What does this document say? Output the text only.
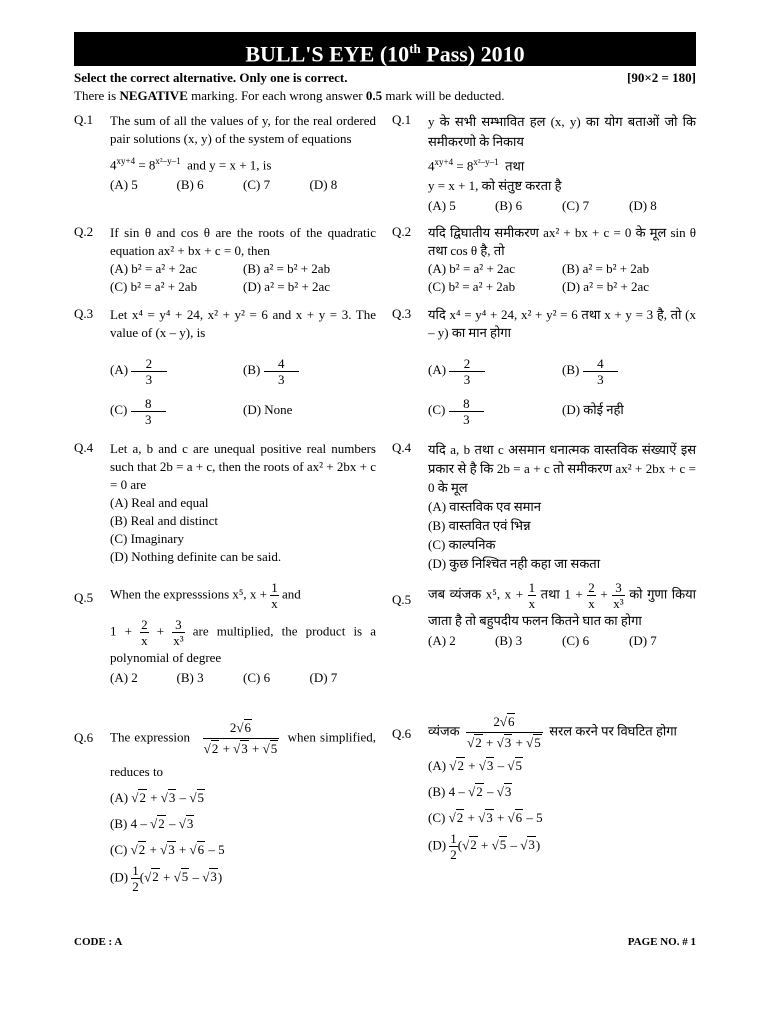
BULL'S EYE (10th Pass) 2010
Select the correct alternative. Only one is correct.	[90×2 = 180]
There is NEGATIVE marking. For each wrong answer 0.5 mark will be deducted.
Q.1	The sum of all the values of y, for the real ordered pair solutions (x, y) of the system of equations

$4^{xy+4} = 8^{x^2-y-1}$ and y = x + 1, is

(A) 5	(B) 6	(C) 7	(D) 8
Q.2	If sin θ and cos θ are the roots of the quadratic equation ax² + bx + c = 0, then

(A) b² = a² + 2ac	(B) a² = b² + 2ab
(C) b² = a² + 2ab	(D) a² = b² + 2ac
Q.3	Let x⁴ = y⁴ + 24, x² + y² = 6 and x + y = 3. The value of (x – y), is

$(A) \frac{2}{3}$	$(B) \frac{4}{3}$
$(C) \frac{8}{3}$	(D) None
Q.4	Let a, b and c are unequal positive real numbers such that 2b = a + c, then the roots of ax² + 2bx + c = 0 are

(A) Real and equal
(B) Real and distinct
(C) Imaginary
(D) Nothing definite can be said.
Q.5	When the expresssions x⁵, $x + \frac{1}{x}$ and

$1 + \frac{2}{x} + \frac{3}{\text{x³}}$ are multiplied, the product is a polynomial of degree

(A) 2	(B) 3	(C) 6	(D) 7
Q.6	The expression $\frac{2√6}{√2 + √3 + √5}$ when simplified, reduces to

(A) √2 + √3 – √5

(B) 4 – √2 – √3

(C) √2 + √3 + √6 – 5

$(D) \frac{1}{2} (√2 + √5 - √3)$

Q.1	y के सभी सम्भावित हल (x, y) का योग बताओं जो कि समीकरणो के निकाय

$4^{xy+4} = 8^{x^2-y-1}$ तथा

y = x + 1, को संतुष्ट करता है

(A) 5	(B) 6	(C) 7	(D) 8
Q.2	यदि द्विघातीय समीकरण ax² + bx + c = 0 के मूल sin θ तथा cos θ है, तो

(A) b² = a² + 2ac	(B) a² = b² + 2ab
(C) b² = a² + 2ab	(D) a² = b² + 2ac
Q.3	यदि x⁴ = y⁴ + 24, x² + y² = 6 तथा x + y = 3 है, तो (x – y) का मान होगा

$(A) \frac{2}{3}$	$(B) \frac{4}{3}$
$(C) \frac{8}{3}$	(D) कोई नही
Q.4	यदि a, b तथा c असमान धनात्मक वास्तविक संख्याऐं इस प्रकार से है कि 2b = a + c तो समीकरण ax² + 2bx + c = 0 के मूल

(A) वास्तविक एव समान
(B) वास्तवित एवं भिन्न
(C) काल्पनिक
(D) कुछ निश्चित नही कहा जा सकता
Q.5	जब व्यंजक x⁵, $x + \frac{1}{x}$ तथा $1 + \frac{2}{x} + \frac{3}{\text{x³}}$ को गुणा किया जाता है तो बहुपदीय फलन कितने घात का होगा

(A) 2	(B) 3	(C) 6	(D) 7
Q.6	व्यंजक $\frac{2√6}{√2 + √3 + √5}$ सरल करने पर विघटित होगा

(A) √2 + √3 – √5

(B) 4 – √2 – √3

(C) √2 + √3 + √6 – 5

$(D) \frac{1}{2} (√2 + √5 - √3)$

CODE : A	PAGE NO. # 1
